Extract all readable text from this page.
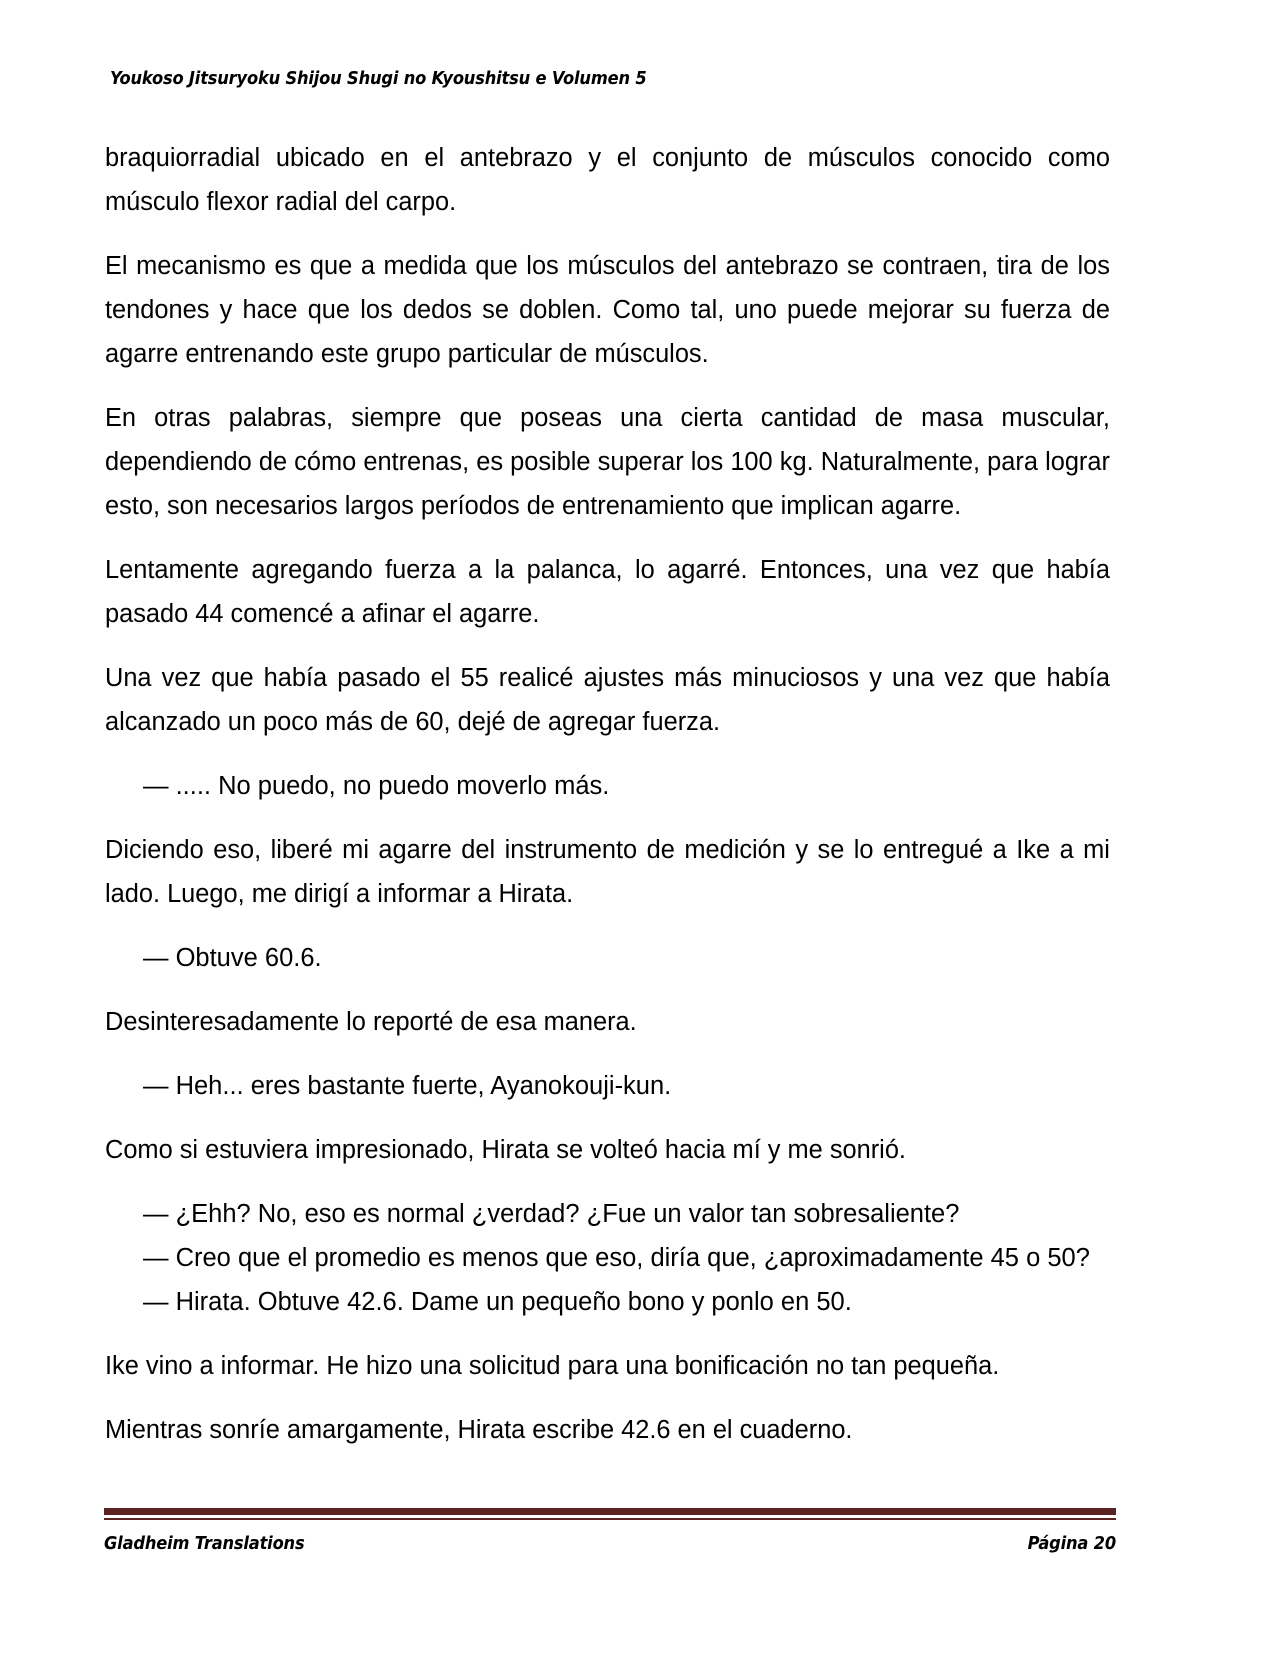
Youkoso Jitsuryoku Shijou Shugi no Kyoushitsu e Volumen 5

braquiorradial ubicado en el antebrazo y el conjunto de músculos conocido como músculo flexor radial del carpo.

El mecanismo es que a medida que los músculos del antebrazo se contraen, tira de los tendones y hace que los dedos se doblen. Como tal, uno puede mejorar su fuerza de agarre entrenando este grupo particular de músculos.

En otras palabras, siempre que poseas una cierta cantidad de masa muscular, dependiendo de cómo entrenas, es posible superar los 100 kg. Naturalmente, para lograr esto, son necesarios largos períodos de entrenamiento que implican agarre.

Lentamente agregando fuerza a la palanca, lo agarré. Entonces, una vez que había pasado 44 comencé a afinar el agarre.

Una vez que había pasado el 55 realicé ajustes más minuciosos y una vez que había alcanzado un poco más de 60, dejé de agregar fuerza.

— ..... No puedo, no puedo moverlo más.

Diciendo eso, liberé mi agarre del instrumento de medición y se lo entregué a Ike a mi lado. Luego, me dirigí a informar a Hirata.

— Obtuve 60.6.

Desinteresadamente lo reporté de esa manera.

— Heh... eres bastante fuerte, Ayanokouji-kun.

Como si estuviera impresionado, Hirata se volteó hacia mí y me sonrió.

— ¿Ehh? No, eso es normal ¿verdad? ¿Fue un valor tan sobresaliente?

— Creo que el promedio es menos que eso, diría que, ¿aproximadamente 45 o 50?

— Hirata. Obtuve 42.6. Dame un pequeño bono y ponlo en 50.

Ike vino a informar. He hizo una solicitud para una bonificación no tan pequeña.

Mientras sonríe amargamente, Hirata escribe 42.6 en el cuaderno.

Gladheim Translations	Página 20
